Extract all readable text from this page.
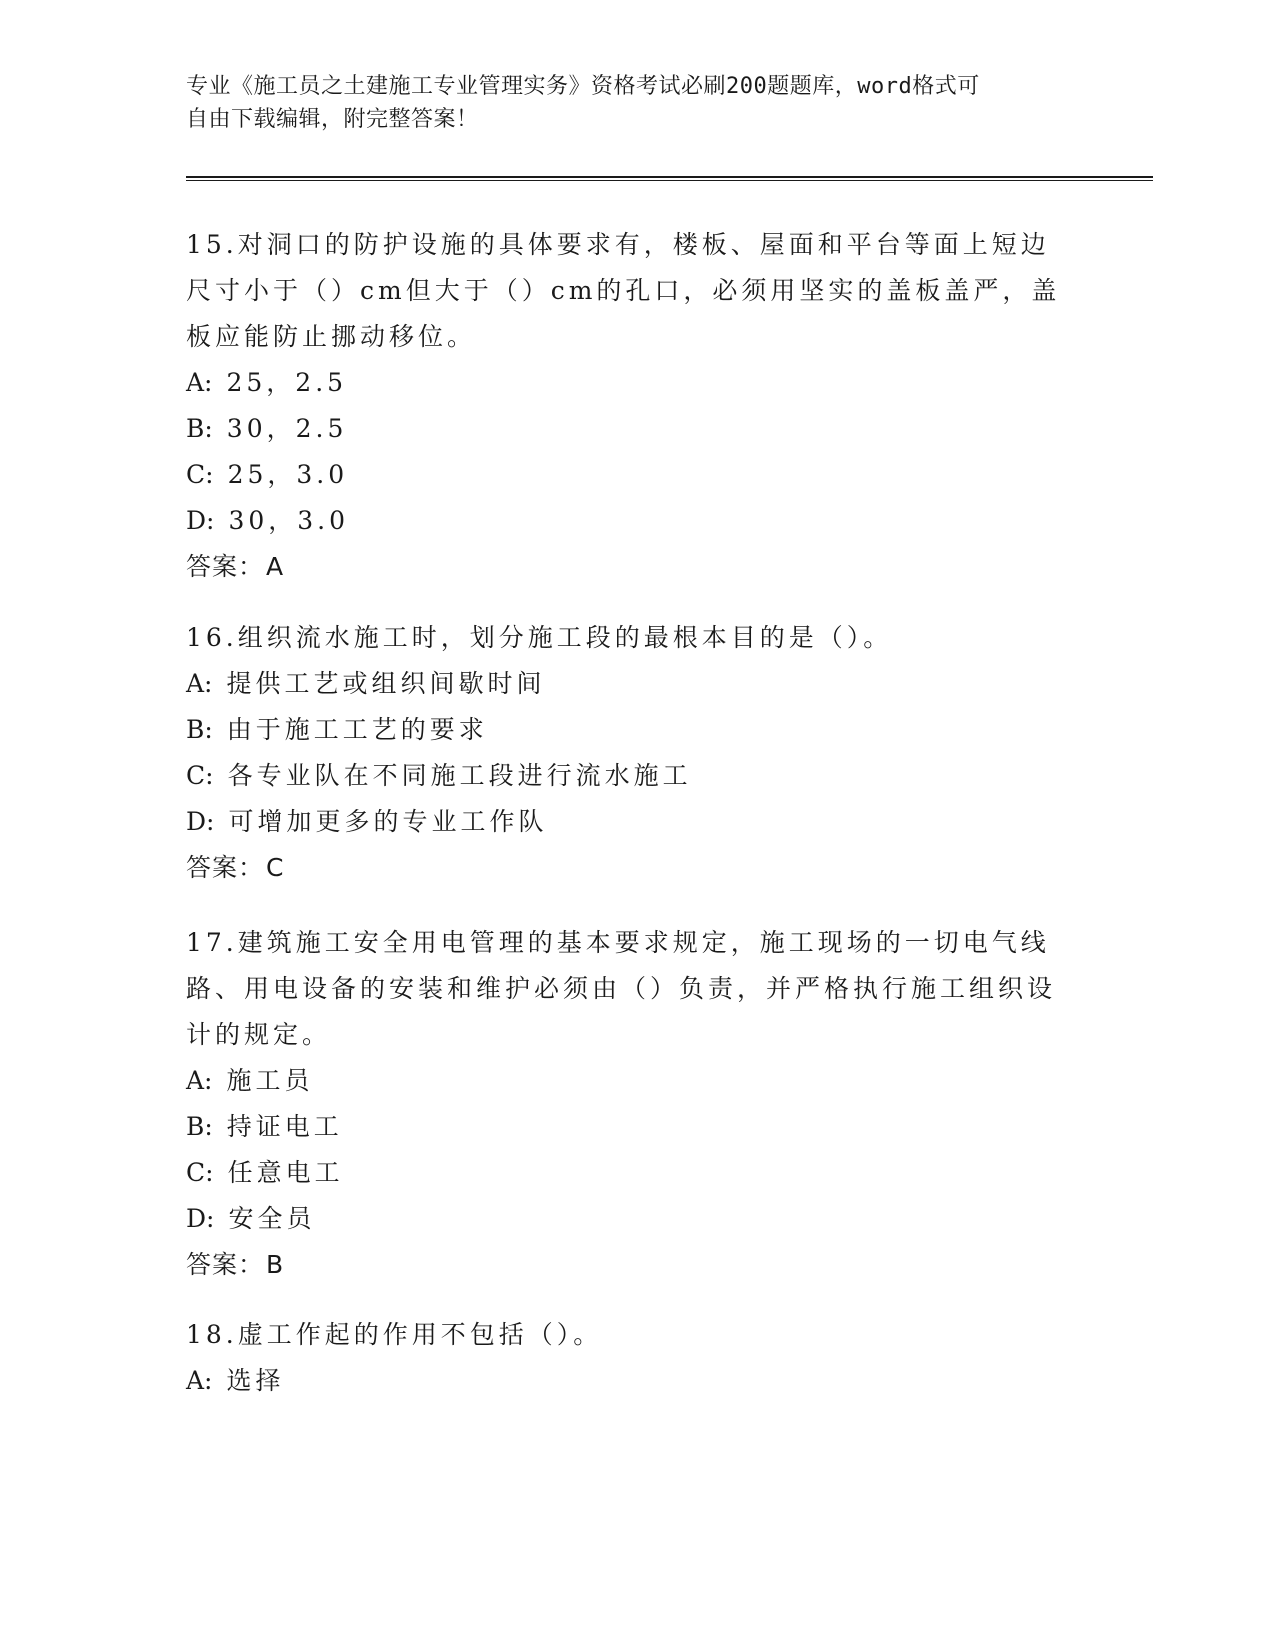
专业《施工员之土建施工专业管理实务》资格考试必刷200题题库，word格式可
自由下载编辑，附完整答案！
15.对洞口的防护设施的具体要求有，楼板、屋面和平台等面上短边尺寸小于（）cm但大于（）cm的孔口，必须用坚实的盖板盖严，盖板应能防止挪动移位。
A: 25，2.5
B: 30，2.5
C: 25，3.0
D: 30，3.0
答案：A
16.组织流水施工时，划分施工段的最根本目的是（）。
A: 提供工艺或组织间歇时间
B: 由于施工工艺的要求
C: 各专业队在不同施工段进行流水施工
D: 可增加更多的专业工作队
答案：C
17.建筑施工安全用电管理的基本要求规定，施工现场的一切电气线路、用电设备的安装和维护必须由（）负责，并严格执行施工组织设计的规定。
A: 施工员
B: 持证电工
C: 任意电工
D: 安全员
答案：B
18.虚工作起的作用不包括（）。
A: 选择
